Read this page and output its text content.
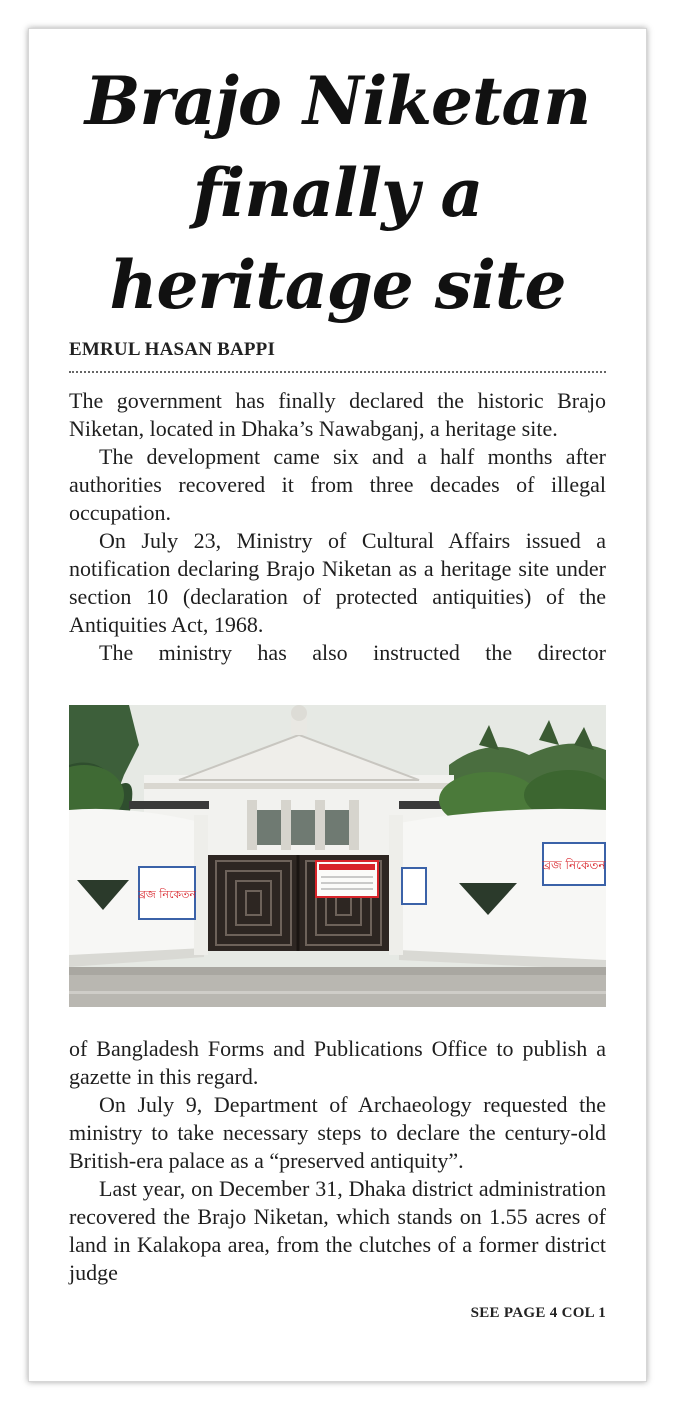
Brajo Niketan
finally a
heritage site
EMRUL HASAN BAPPI

The government has finally declared the historic Brajo Niketan, located in Dhaka’s Nawabganj, a heritage site.

The development came six and a half months after authorities recovered it from three decades of illegal occupation.

On July 23, Ministry of Cultural Affairs issued a notification declaring Brajo Niketan as a heritage site under section 10 (declaration of protected antiquities) of the Antiquities Act, 1968.

The ministry has also instructed the director

ব্রজ নিকেতন
ব্রজ নিকেতন

of Bangladesh Forms and Publications Office to publish a gazette in this regard.

On July 9, Department of Archaeology requested the ministry to take necessary steps to declare the century-old British-era palace as a “preserved antiquity”.

Last year, on December 31, Dhaka district administration recovered the Brajo Niketan, which stands on 1.55 acres of land in Kalakopa area, from the clutches of a former district judge

SEE PAGE 4 COL 1
